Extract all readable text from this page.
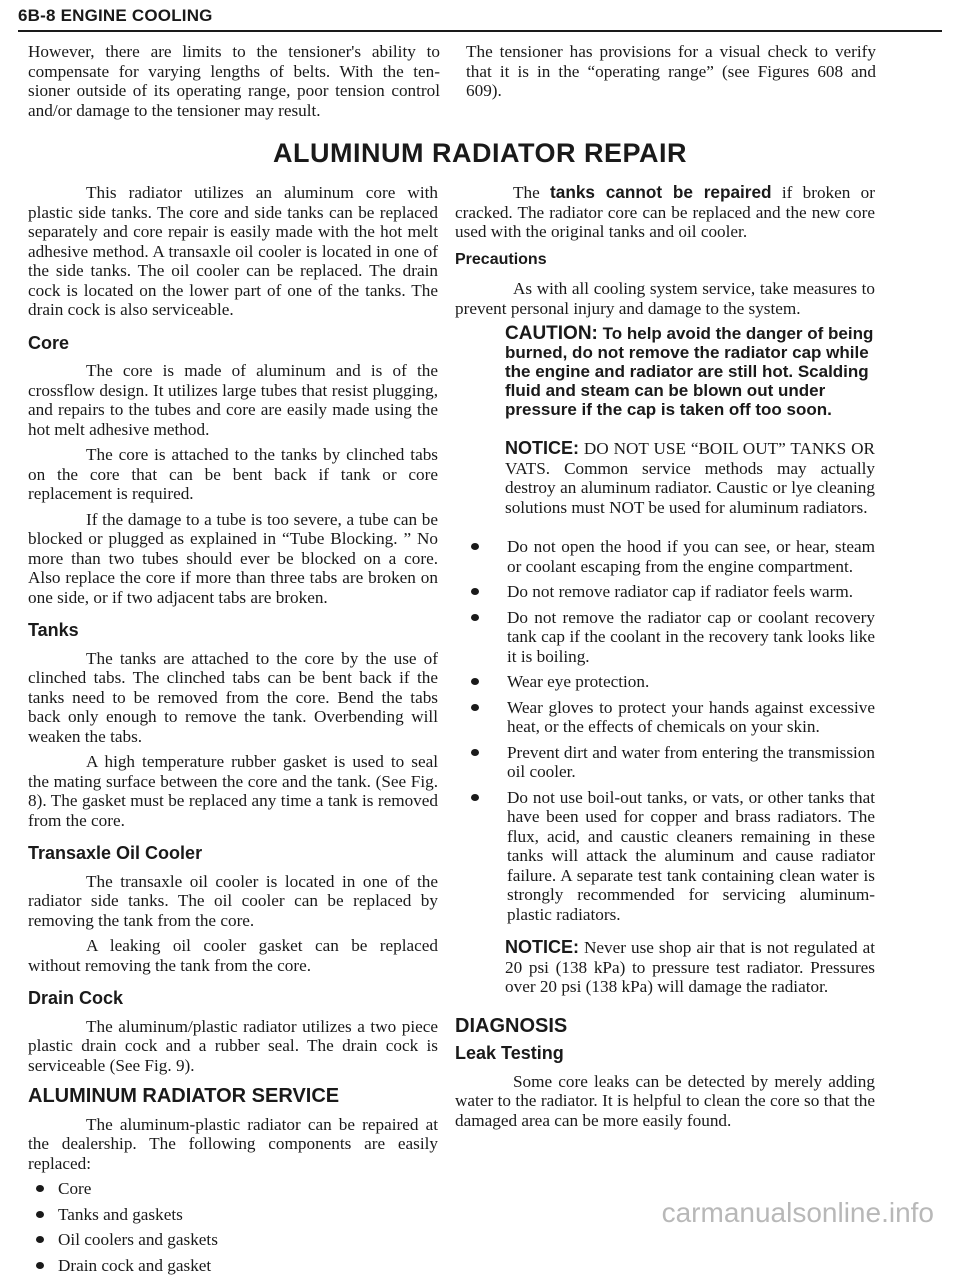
6B-8 ENGINE COOLING
However, there are limits to the tensioner's ability to compensate for varying lengths of belts. With the ten- sioner outside of its operating range, poor tension control and/or damage to the tensioner may result.
The tensioner has provisions for a visual check to verify that it is in the “operating range” (see Figures 608 and 609).
ALUMINUM RADIATOR REPAIR

This radiator utilizes an aluminum core with plastic side tanks. The core and side tanks can be replaced separately and core repair is easily made with the hot melt adhesive method. A transaxle oil cooler is located in one of the side tanks. The oil cooler can be replaced. The drain cock is located on the lower part of one of the tanks. The drain cock is also serviceable.

Core

The core is made of aluminum and is of the crossflow design. It utilizes large tubes that resist plugging, and repairs to the tubes and core are easily made using the hot melt adhesive method.

The core is attached to the tanks by clinched tabs on the core that can be bent back if tank or core replacement is required.

If the damage to a tube is too severe, a tube can be blocked or plugged as explained in “Tube Blocking. ” No more than two tubes should ever be blocked on a core. Also replace the core if more than three tabs are broken on one side, or if two adjacent tabs are broken.

Tanks

The tanks are attached to the core by the use of clinched tabs. The clinched tabs can be bent back if the tanks need to be removed from the core. Bend the tabs back only enough to remove the tank. Overbending will weaken the tabs.

A high temperature rubber gasket is used to seal the mating surface between the core and the tank. (See Fig. 8). The gasket must be replaced any time a tank is removed from the core.

Transaxle Oil Cooler

The transaxle oil cooler is located in one of the radiator side tanks. The oil cooler can be replaced by removing the tank from the core.

A leaking oil cooler gasket can be replaced without removing the tank from the core.

Drain Cock

The aluminum/plastic radiator utilizes a two piece plastic drain cock and a rubber seal. The drain cock is serviceable (See Fig. 9).

ALUMINUM RADIATOR SERVICE

The aluminum-plastic radiator can be repaired at the dealership. The following components are easily replaced:

Core
Tanks and gaskets
Oil coolers and gaskets
Drain cock and gasket

The tanks cannot be repaired if broken or cracked. The radiator core can be replaced and the new core used with the original tanks and oil cooler.

Precautions

As with all cooling system service, take measures to prevent personal injury and damage to the system.

CAUTION: To help avoid the danger of being burned, do not remove the radiator cap while the engine and radiator are still hot. Scalding fluid and steam can be blown out under pressure if the cap is taken off too soon.
NOTICE: DO NOT USE “BOIL OUT” TANKS OR VATS. Common service methods may actually destroy an aluminum radiator. Caustic or lye cleaning solutions must NOT be used for aluminum radiators.
Do not open the hood if you can see, or hear, steam or coolant escaping from the engine compartment.
Do not remove radiator cap if radiator feels warm.
Do not remove the radiator cap or coolant recovery tank cap if the coolant in the recovery tank looks like it is boiling.
Wear eye protection.
Wear gloves to protect your hands against excessive heat, or the effects of chemicals on your skin.
Prevent dirt and water from entering the transmission oil cooler.
Do not use boil-out tanks, or vats, or other tanks that have been used for copper and brass radiators. The flux, acid, and caustic cleaners remaining in these tanks will attack the aluminum and cause radiator failure. A separate test tank containing clean water is strongly recommended for servicing aluminum-plastic radiators.
NOTICE: Never use shop air that is not regulated at 20 psi (138 kPa) to pressure test radiator. Pressures over 20 psi (138 kPa) will damage the radiator.
DIAGNOSIS
Leak Testing

Some core leaks can be detected by merely adding water to the radiator. It is helpful to clean the core so that the damaged area can be more easily found.

carmanualsonline.info
